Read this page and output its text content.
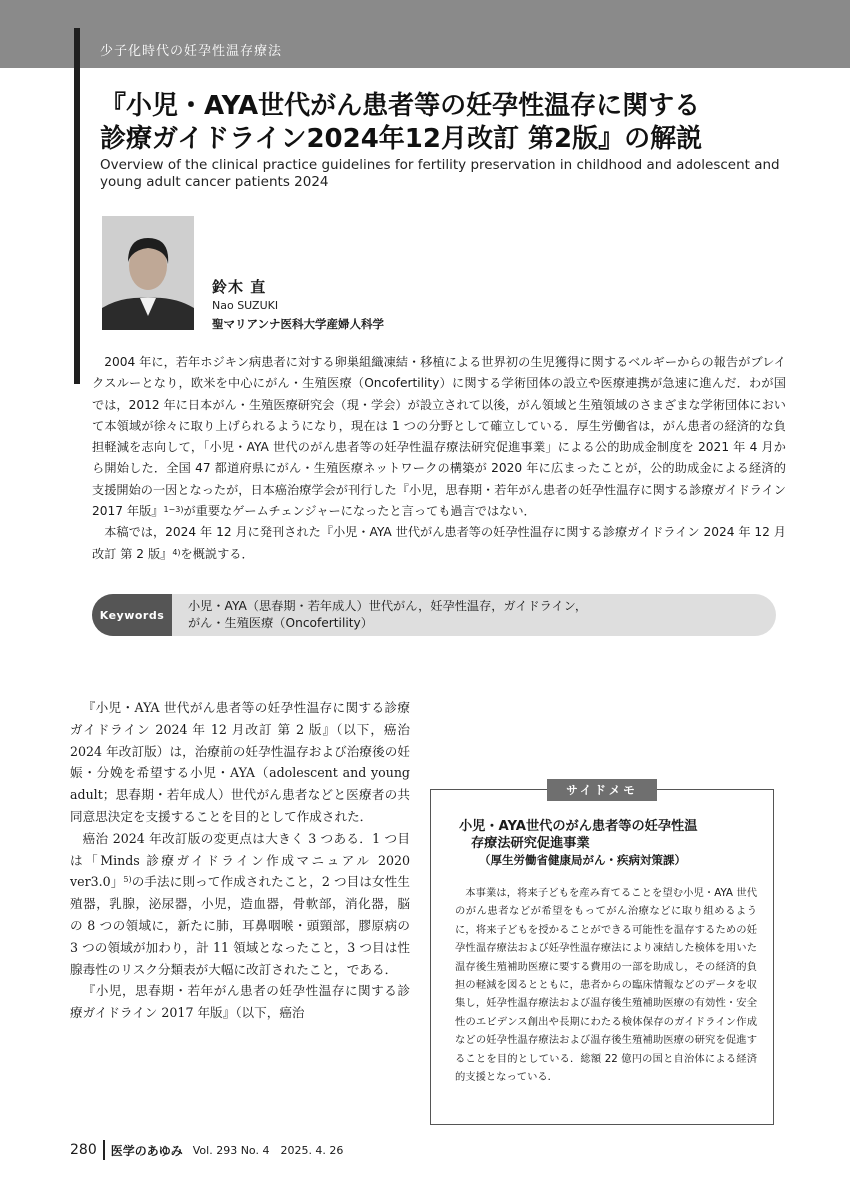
少子化時代の妊孕性温存療法
『小児・AYA世代がん患者等の妊孕性温存に関する
診療ガイドライン2024年12月改訂 第2版』の解説
Overview of the clinical practice guidelines for fertility preservation in childhood and adolescent and young adult cancer patients 2024
鈴木 直
Nao SUZUKI
聖マリアンナ医科大学産婦人科学

2004 年に，若年ホジキン病患者に対する卵巣組織凍結・移植による世界初の生児獲得に関するベルギーからの報告がブレイクスルーとなり，欧米を中心にがん・生殖医療（Oncofertility）に関する学術団体の設立や医療連携が急速に進んだ．わが国では，2012 年に日本がん・生殖医療研究会（現・学会）が設立されて以後，がん領域と生殖領域のさまざまな学術団体において本領域が徐々に取り上げられるようになり，現在は 1 つの分野として確立している．厚生労働省は，がん患者の経済的な負担軽減を志向して，「小児・AYA 世代のがん患者等の妊孕性温存療法研究促進事業」による公的助成金制度を 2021 年 4 月から開始した．全国 47 都道府県にがん・生殖医療ネットワークの構築が 2020 年に広まったことが，公的助成金による経済的支援開始の一因となったが，日本癌治療学会が刊行した『小児，思春期・若年がん患者の妊孕性温存に関する診療ガイドライン 2017 年版』$^{1-3)}$が重要なゲームチェンジャーになったと言っても過言ではない．

本稿では，2024 年 12 月に発刊された『小児・AYA 世代がん患者等の妊孕性温存に関する診療ガイドライン 2024 年 12 月改訂 第 2 版』$^{4)}$を概説する．

Keywords
小児・AYA（思春期・若年成人）世代がん，妊孕性温存，ガイドライン，
がん・生殖医療（Oncofertility）

『小児・AYA 世代がん患者等の妊孕性温存に関する診療ガイドライン 2024 年 12 月改訂 第 2 版』（以下，癌治 2024 年改訂版）は，治療前の妊孕性温存および治療後の妊娠・分娩を希望する小児・AYA（adolescent and young adult；思春期・若年成人）世代がん患者などと医療者の共同意思決定を支援することを目的として作成された．

癌治 2024 年改訂版の変更点は大きく 3 つある．1 つ目は「Minds 診療ガイドライン作成マニュアル 2020 ver3.0」$^{5)}$の手法に則って作成されたこと，2 つ目は女性生殖器，乳腺，泌尿器，小児，造血器，骨軟部，消化器，脳の 8 つの領域に，新たに肺，耳鼻咽喉・頭頸部，膠原病の 3 つの領域が加わり，計 11 領域となったこと，3 つ目は性腺毒性のリスク分類表が大幅に改訂されたこと，である．

『小児，思春期・若年がん患者の妊孕性温存に関する診療ガイドライン 2017 年版』（以下，癌治

サイドメモ
小児・AYA世代のがん患者等の妊孕性温
存療法研究促進事業
（厚生労働省健康局がん・疾病対策課）

本事業は，将来子どもを産み育てることを望む小児・AYA 世代のがん患者などが希望をもってがん治療などに取り組めるように，将来子どもを授かることができる可能性を温存するための妊孕性温存療法および妊孕性温存療法により凍結した検体を用いた温存後生殖補助医療に要する費用の一部を助成し，その経済的負担の軽減を図るとともに，患者からの臨床情報などのデータを収集し，妊孕性温存療法および温存後生殖補助医療の有効性・安全性のエビデンス創出や長期にわたる検体保存のガイドライン作成などの妊孕性温存療法および温存後生殖補助医療の研究を促進することを目的としている．総額 22 億円の国と自治体による経済的支援となっている．

280 医学のあゆみ Vol. 293 No. 4　2025. 4. 26
